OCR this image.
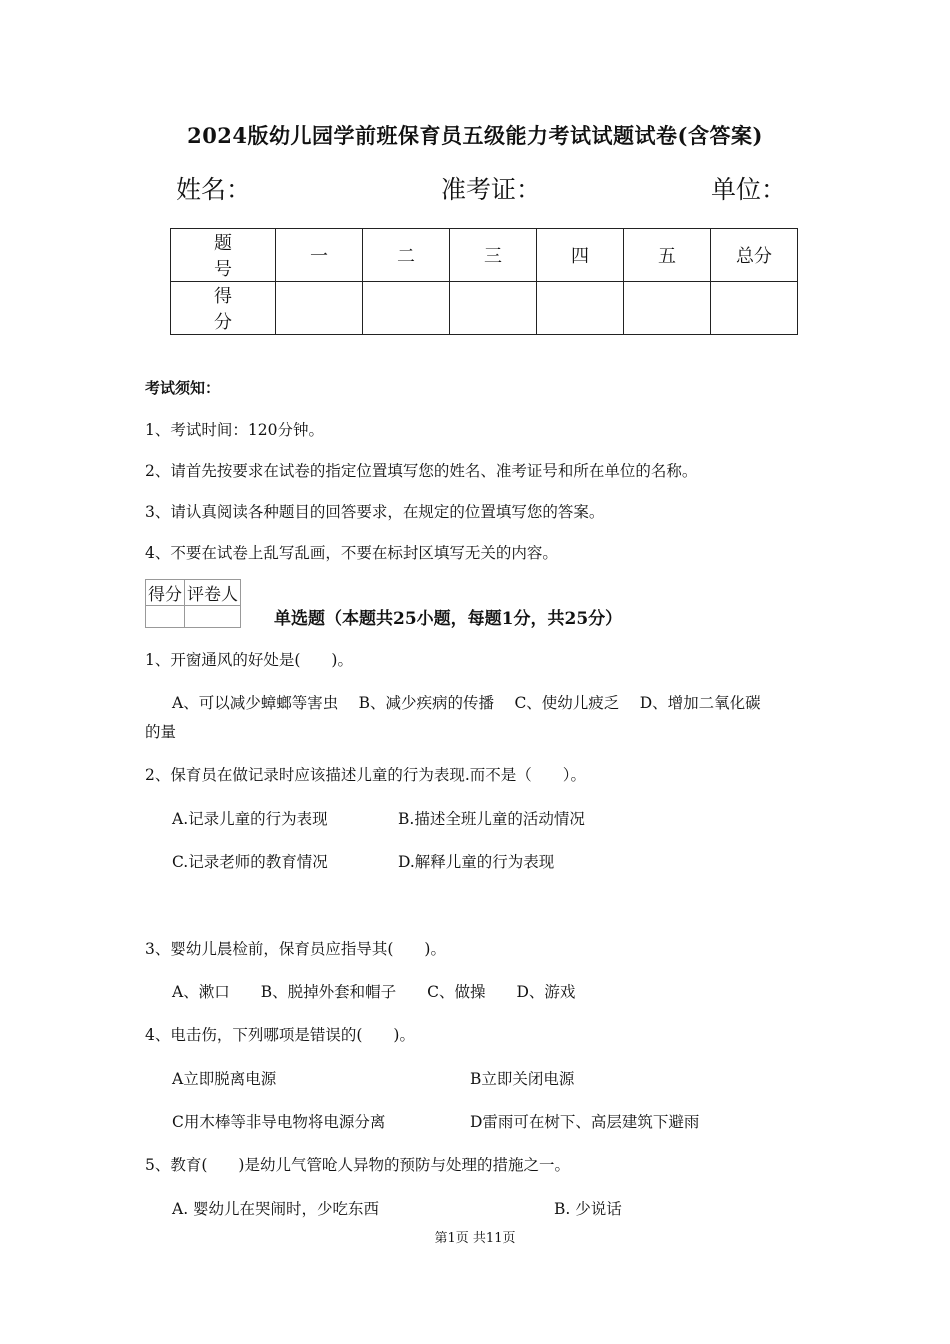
2024版幼儿园学前班保育员五级能力考试试题试卷(含答案)
姓名：	准考证：	单位：
题　号	一	二	三	四	五	总分
得　分						
考试须知：
1、考试时间：120分钟。
2、请首先按要求在试卷的指定位置填写您的姓名、准考证号和所在单位的名称。
3、请认真阅读各种题目的回答要求，在规定的位置填写您的答案。
4、不要在试卷上乱写乱画，不要在标封区填写无关的内容。
得分	评卷人

单选题（本题共25小题，每题1分，共25分）
1、开窗通风的好处是(　　)。
A、可以减少蟑螂等害虫　 B、减少疾病的传播　 C、使幼儿疲乏　 D、增加二氧化碳
的量
2、保育员在做记录时应该描述儿童的行为表现.而不是（　　）。
A.记录儿童的行为表现	B.描述全班儿童的活动情况
C.记录老师的教育情况	D.解释儿童的行为表现
3、婴幼儿晨检前，保育员应指导其(　　)。
A、漱口　　B、脱掉外套和帽子　　C、做操　　D、游戏
4、电击伤，下列哪项是错误的(　　)。
A立即脱离电源	B立即关闭电源
C用木棒等非导电物将电源分离	D雷雨可在树下、高层建筑下避雨
5、教育(　　)是幼儿气管呛人异物的预防与处理的措施之一。
A. 婴幼儿在哭闹时，少吃东西	B. 少说话
第1页 共11页
